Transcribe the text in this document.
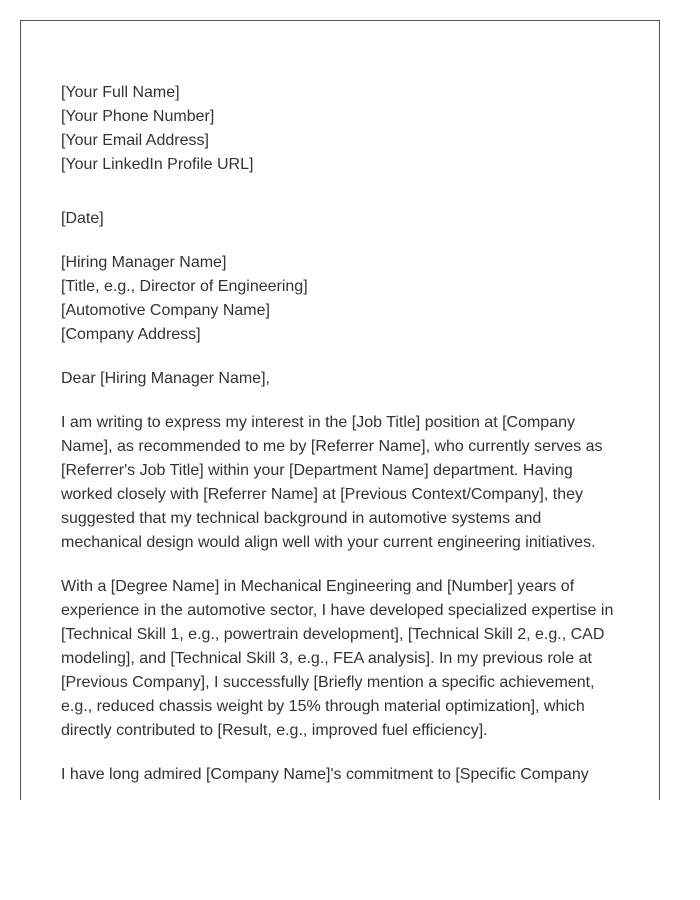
[Your Full Name]
[Your Phone Number]
[Your Email Address]
[Your LinkedIn Profile URL]
[Date]
[Hiring Manager Name]
[Title, e.g., Director of Engineering]
[Automotive Company Name]
[Company Address]

Dear [Hiring Manager Name],

I am writing to express my interest in the [Job Title] position at [Company Name], as recommended to me by [Referrer Name], who currently serves as [Referrer's Job Title] within your [Department Name] department. Having worked closely with [Referrer Name] at [Previous Context/Company], they suggested that my technical background in automotive systems and mechanical design would align well with your current engineering initiatives.

With a [Degree Name] in Mechanical Engineering and [Number] years of experience in the automotive sector, I have developed specialized expertise in [Technical Skill 1, e.g., powertrain development], [Technical Skill 2, e.g., CAD modeling], and [Technical Skill 3, e.g., FEA analysis]. In my previous role at [Previous Company], I successfully [Briefly mention a specific achievement, e.g., reduced chassis weight by 15% through material optimization], which directly contributed to [Result, e.g., improved fuel efficiency].

I have long admired [Company Name]'s commitment to [Specific Company
